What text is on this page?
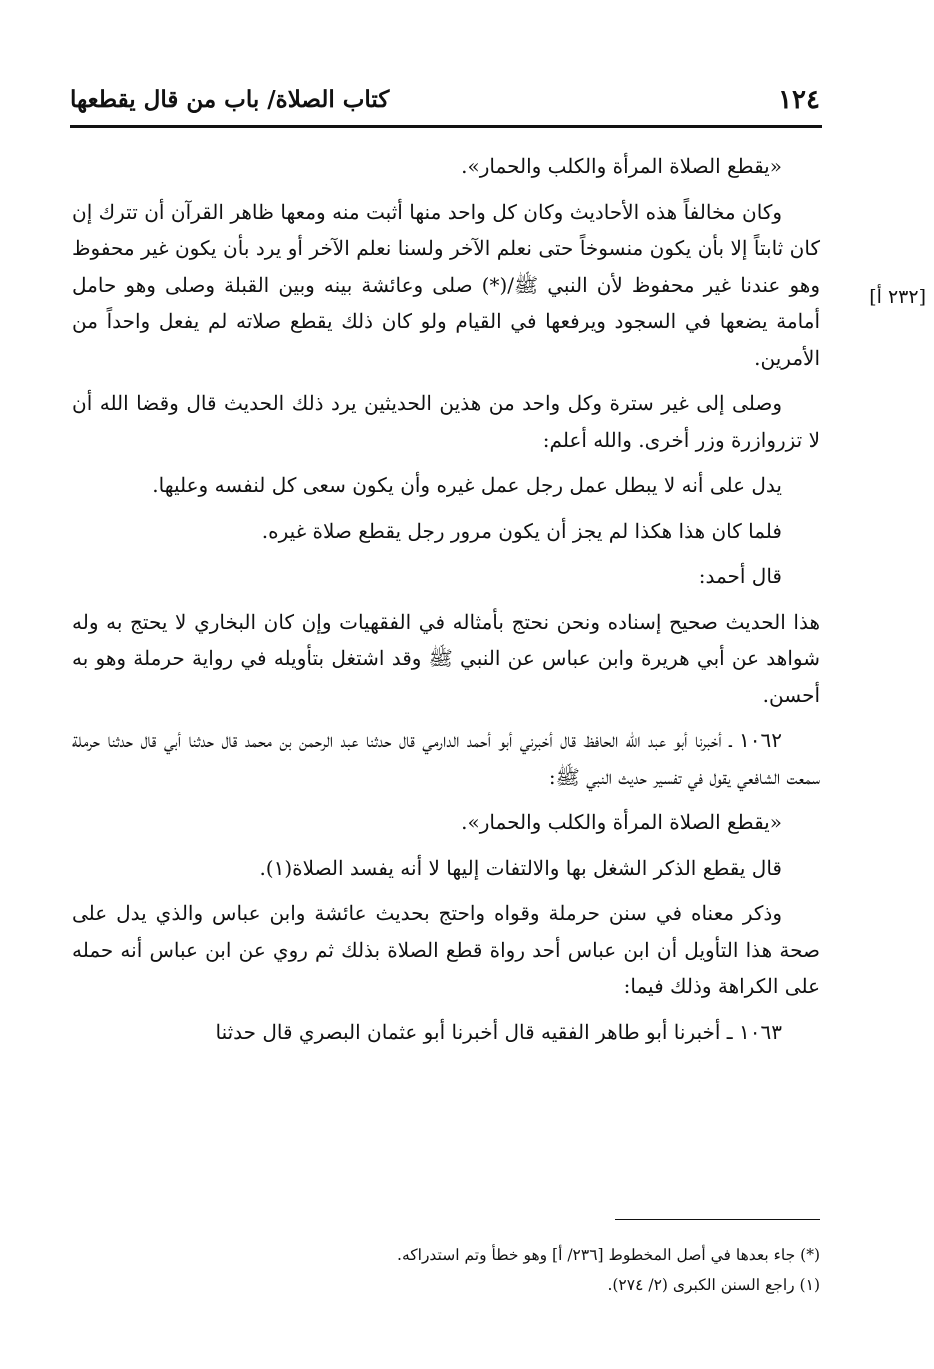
١٢٤
كتاب الصلاة/ باب من قال يقطعها
[٢٣٢ أ]

«يقطع الصلاة المرأة والكلب والحمار».

وكان مخالفاً هذه الأحاديث وكان كل واحد منها أثبت منه ومعها ظاهر القرآن أن تترك إن كان ثابتاً إلا بأن يكون منسوخاً حتى نعلم الآخر ولسنا نعلم الآخر أو يرد بأن يكون غير محفوظ وهو عندنا غير محفوظ لأن النبي ﷺ/(*) صلى وعائشة بينه وبين القبلة وصلى وهو حامل أمامة يضعها في السجود ويرفعها في القيام ولو كان ذلك يقطع صلاته لم يفعل واحداً من الأمرين.

وصلى إلى غير سترة وكل واحد من هذين الحديثين يرد ذلك الحديث قال وقضا الله أن لا تزروازرة وزر أخرى. والله أعلم:

يدل على أنه لا يبطل عمل رجل عمل غيره وأن يكون سعى كل لنفسه وعليها.

فلما كان هذا هكذا لم يجز أن يكون مرور رجل يقطع صلاة غيره.

قال أحمد:

هذا الحديث صحيح إسناده ونحن نحتج بأمثاله في الفقهيات وإن كان البخاري لا يحتج به وله شواهد عن أبي هريرة وابن عباس عن النبي ﷺ وقد اشتغل بتأويله في رواية حرملة وهو به أحسن.

١٠٦٢ ـ أخبرنا أبو عبد الله الحافظ قال أخبرني أبو أحمد الدارمي قال حدثنا عبد الرحمن بن محمد قال حدثنا أبي قال حدثنا حرملة سمعت الشافعي يقول في تفسير حديث النبي ﷺ:

«يقطع الصلاة المرأة والكلب والحمار».

قال يقطع الذكر الشغل بها والالتفات إليها لا أنه يفسد الصلاة(١).

وذكر معناه في سنن حرملة وقواه واحتج بحديث عائشة وابن عباس والذي يدل على صحة هذا التأويل أن ابن عباس أحد رواة قطع الصلاة بذلك ثم روي عن ابن عباس أنه حمله على الكراهة وذلك فيما:

١٠٦٣ ـ أخبرنا أبو طاهر الفقيه قال أخبرنا أبو عثمان البصري قال حدثنا

(*) جاء بعدها في أصل المخطوط [٢٣٦/ أ] وهو خطأ وتم استدراكه.

(١) راجع السنن الكبرى (٢/ ٢٧٤).
